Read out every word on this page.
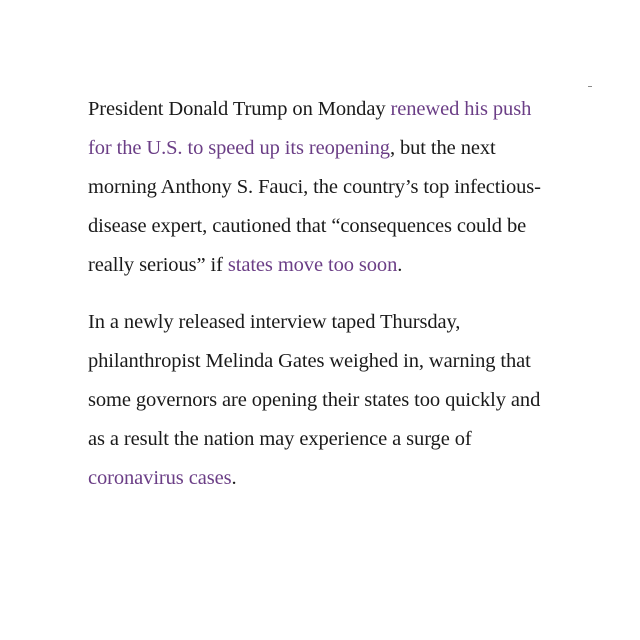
President Donald Trump on Monday renewed his push for the U.S. to speed up its reopening, but the next morning Anthony S. Fauci, the country’s top infectious-disease expert, cautioned that “consequences could be really serious” if states move too soon.

In a newly released interview taped Thursday, philanthropist Melinda Gates weighed in, warning that some governors are opening their states too quickly and as a result the nation may experience a surge of coronavirus cases.
